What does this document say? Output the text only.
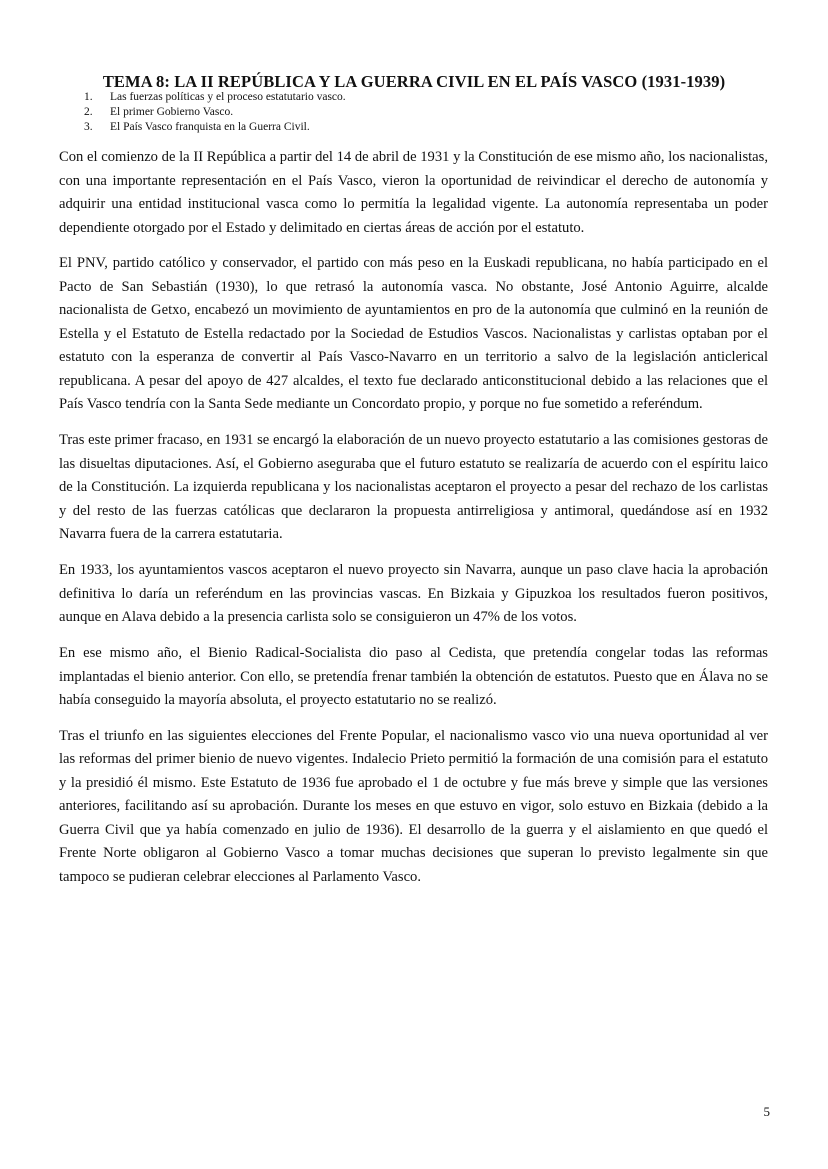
TEMA 8: LA II REPÚBLICA Y LA GUERRA CIVIL EN EL PAÍS VASCO (1931-1939)
1. Las fuerzas políticas y el proceso estatutario vasco.
2. El primer Gobierno Vasco.
3. El País Vasco franquista en la Guerra Civil.

Con el comienzo de la II República a partir del 14 de abril de 1931 y la Constitución de ese mismo año, los nacionalistas, con una importante representación en el País Vasco, vieron la oportunidad de reivindicar el derecho de autonomía y adquirir una entidad institucional vasca como lo permitía la legalidad vigente. La autonomía representaba un poder dependiente otorgado por el Estado y delimitado en ciertas áreas de acción por el estatuto.

El PNV, partido católico y conservador, el partido con más peso en la Euskadi republicana, no había participado en el Pacto de San Sebastián (1930), lo que retrasó la autonomía vasca. No obstante, José Antonio Aguirre, alcalde nacionalista de Getxo, encabezó un movimiento de ayuntamientos en pro de la autonomía que culminó en la reunión de Estella y el Estatuto de Estella redactado por la Sociedad de Estudios Vascos. Nacionalistas y carlistas optaban por el estatuto con la esperanza de convertir al País Vasco-Navarro en un territorio a salvo de la legislación anticlerical republicana. A pesar del apoyo de 427 alcaldes, el texto fue declarado anticonstitucional debido a las relaciones que el País Vasco tendría con la Santa Sede mediante un Concordato propio, y porque no fue sometido a referéndum.

Tras este primer fracaso, en 1931 se encargó la elaboración de un nuevo proyecto estatutario a las comisiones gestoras de las disueltas diputaciones. Así, el Gobierno aseguraba que el futuro estatuto se realizaría de acuerdo con el espíritu laico de la Constitución. La izquierda republicana y los nacionalistas aceptaron el proyecto a pesar del rechazo de los carlistas y del resto de las fuerzas católicas que declararon la propuesta antirreligiosa y antimoral, quedándose así en 1932 Navarra fuera de la carrera estatutaria.

En 1933, los ayuntamientos vascos aceptaron el nuevo proyecto sin Navarra, aunque un paso clave hacia la aprobación definitiva lo daría un referéndum en las provincias vascas. En Bizkaia y Gipuzkoa los resultados fueron positivos, aunque en Alava debido a la presencia carlista solo se consiguieron un 47% de los votos.

En ese mismo año, el Bienio Radical-Socialista dio paso al Cedista, que pretendía congelar todas las reformas implantadas el bienio anterior. Con ello, se pretendía frenar también la obtención de estatutos. Puesto que en Álava no se había conseguido la mayoría absoluta, el proyecto estatutario no se realizó.

Tras el triunfo en las siguientes elecciones del Frente Popular, el nacionalismo vasco vio una nueva oportunidad al ver las reformas del primer bienio de nuevo vigentes. Indalecio Prieto permitió la formación de una comisión para el estatuto y la presidió él mismo. Este Estatuto de 1936 fue aprobado el 1 de octubre y fue más breve y simple que las versiones anteriores, facilitando así su aprobación. Durante los meses en que estuvo en vigor, solo estuvo en Bizkaia (debido a la Guerra Civil que ya había comenzado en julio de 1936). El desarrollo de la guerra y el aislamiento en que quedó el Frente Norte obligaron al Gobierno Vasco a tomar muchas decisiones que superan lo previsto legalmente sin que tampoco se pudieran celebrar elecciones al Parlamento Vasco.

5
